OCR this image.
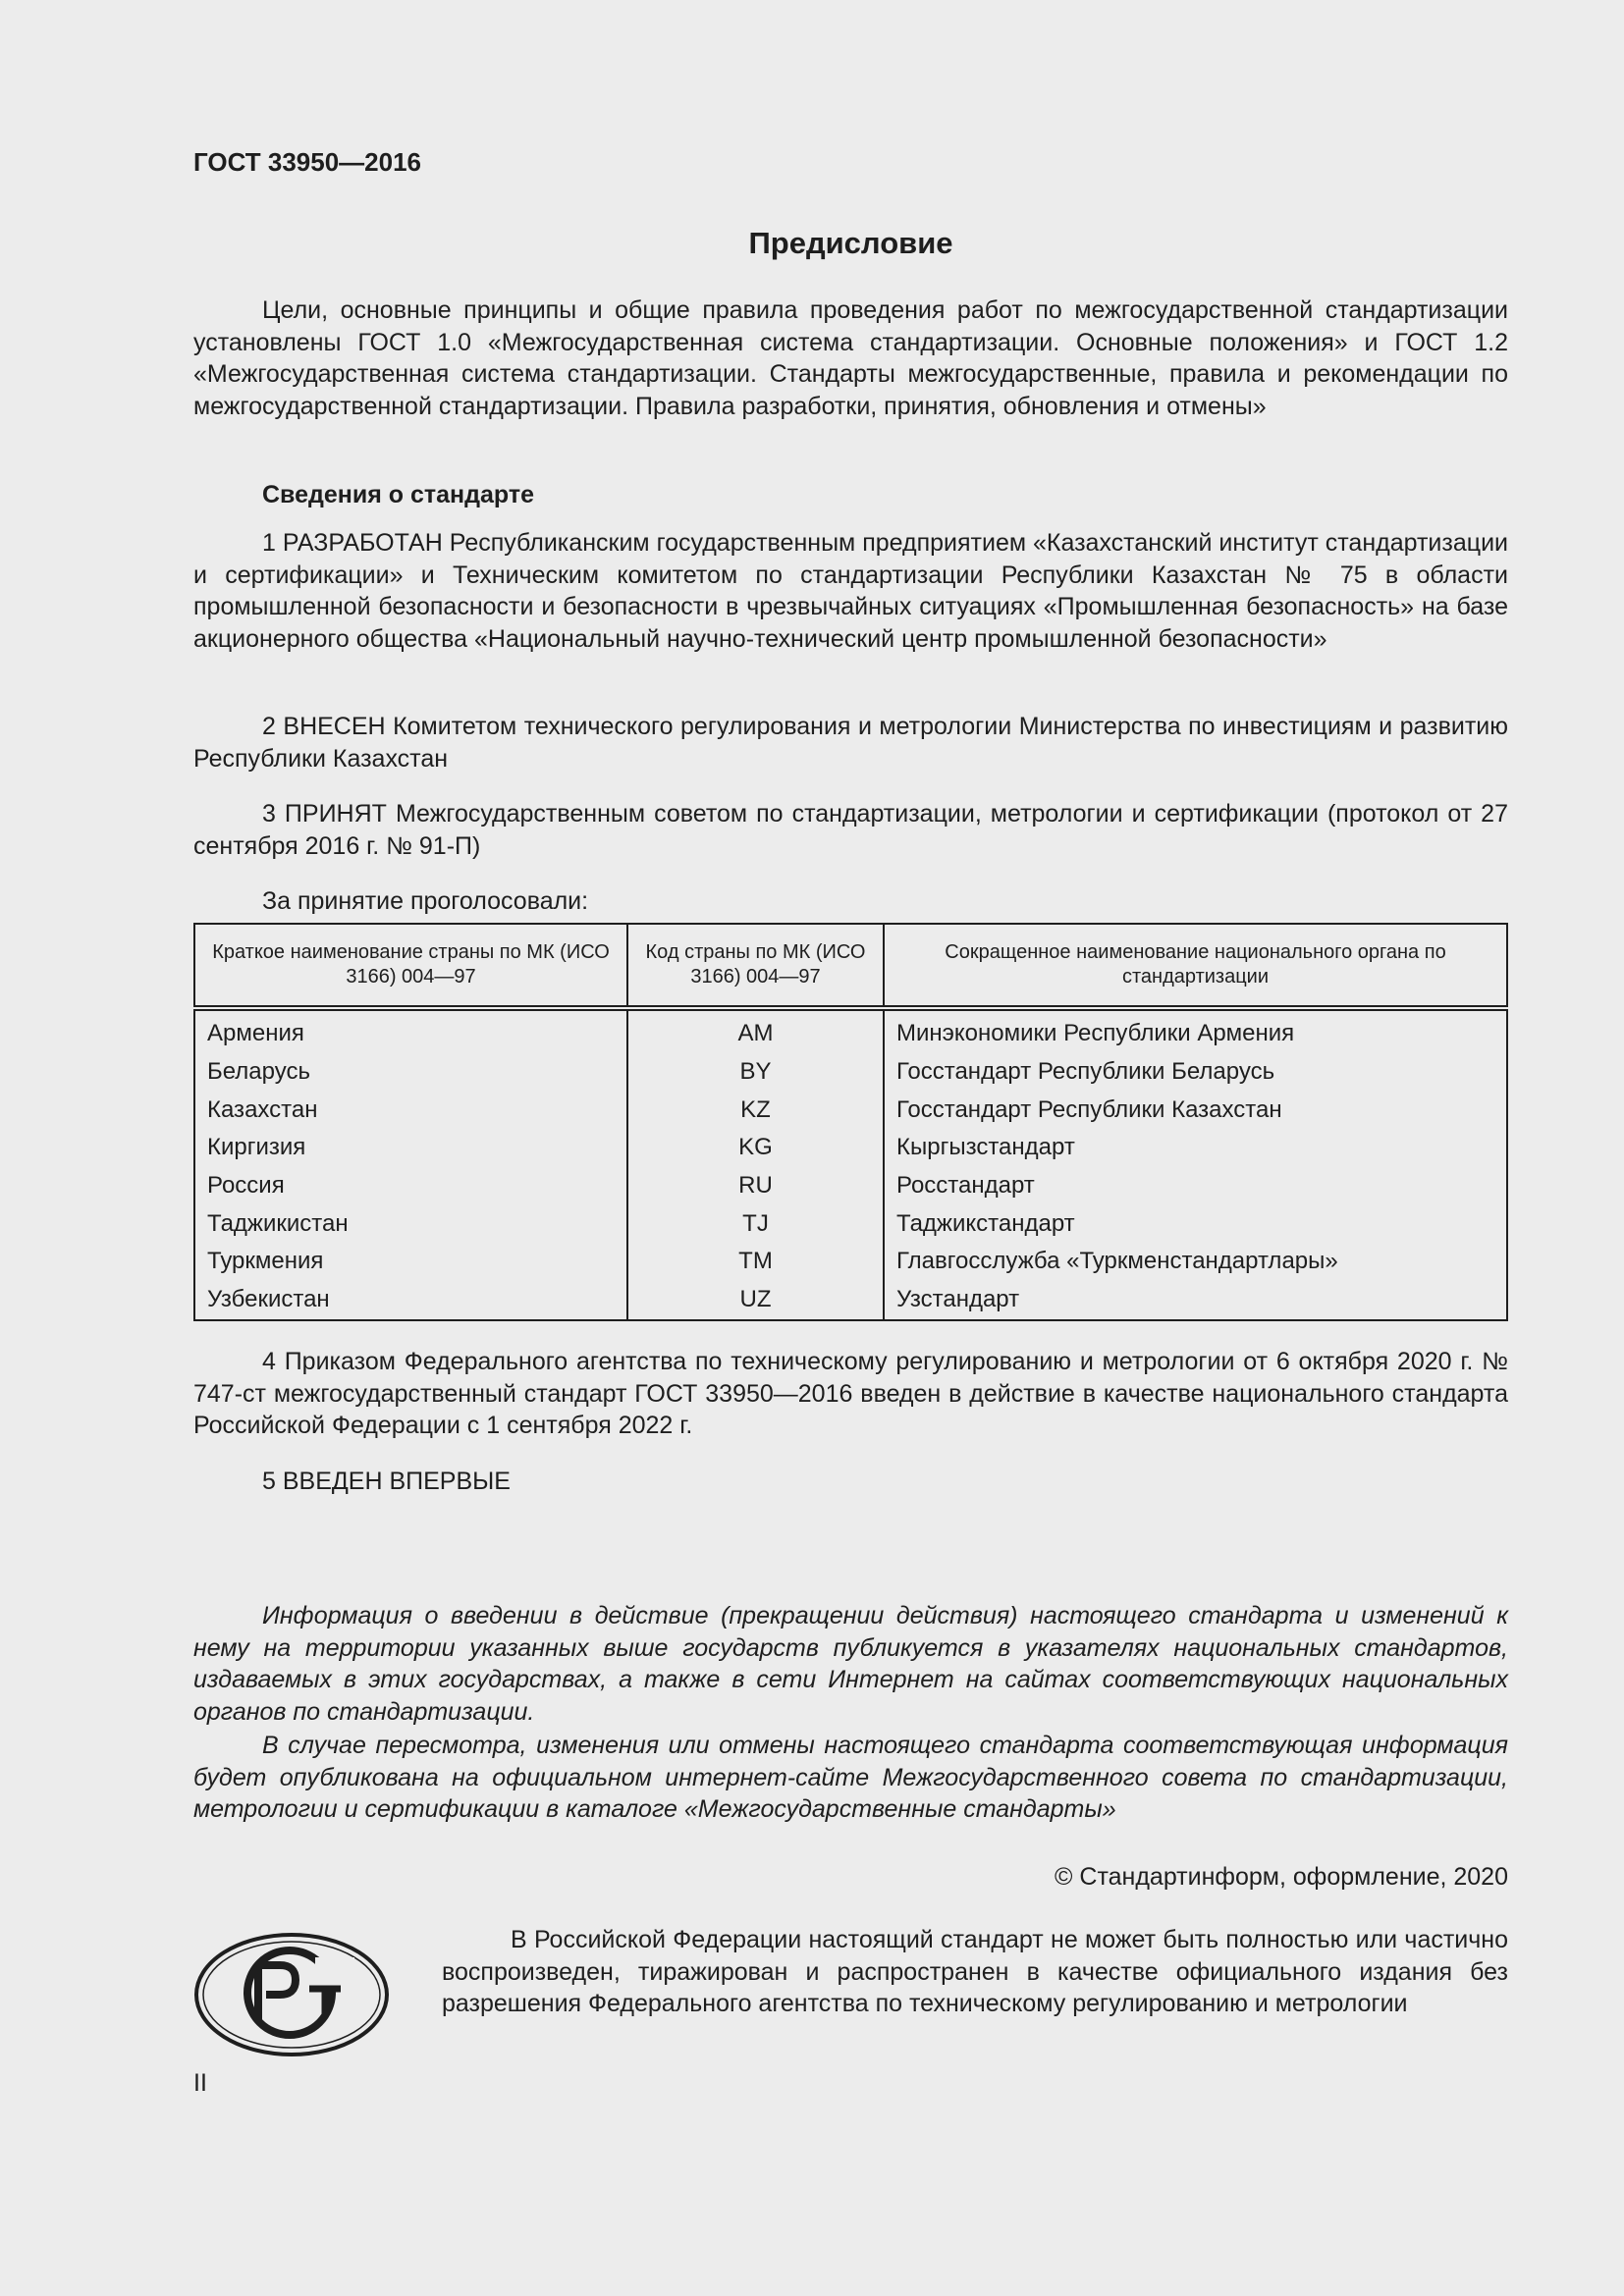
ГОСТ 33950—2016
Предисловие

Цели, основные принципы и общие правила проведения работ по межгосударственной стандартизации установлены ГОСТ 1.0 «Межгосударственная система стандартизации. Основные положения» и ГОСТ 1.2 «Межгосударственная система стандартизации. Стандарты межгосударственные, правила и рекомендации по межгосударственной стандартизации. Правила разработки, принятия, обновления и отмены»

Сведения о стандарте

1 РАЗРАБОТАН Республиканским государственным предприятием «Казахстанский институт стандартизации и сертификации» и Техническим комитетом по стандартизации Республики Казахстан № 75 в области промышленной безопасности и безопасности в чрезвычайных ситуациях «Промышленная безопасность» на базе акционерного общества «Национальный научно-технический центр промышленной безопасности»

2 ВНЕСЕН Комитетом технического регулирования и метрологии Министерства по инвестициям и развитию Республики Казахстан

3 ПРИНЯТ Межгосударственным советом по стандартизации, метрологии и сертификации (протокол от 27 сентября 2016 г. № 91-П)

За принятие проголосовали:

Краткое наименование страны по МК (ИСО 3166) 004—97	Код страны по МК (ИСО 3166) 004—97	Сокращенное наименование национального органа по стандартизации
Армения	AM	Минэкономики Республики Армения
Беларусь	BY	Госстандарт Республики Беларусь
Казахстан	KZ	Госстандарт Республики Казахстан
Киргизия	KG	Кыргызстандарт
Россия	RU	Росстандарт
Таджикистан	TJ	Таджикстандарт
Туркмения	TM	Главгосслужба «Туркменстандартлары»
Узбекистан	UZ	Узстандарт

4 Приказом Федерального агентства по техническому регулированию и метрологии от 6 октября 2020 г. № 747-ст межгосударственный стандарт ГОСТ 33950—2016 введен в действие в качестве национального стандарта Российской Федерации с 1 сентября 2022 г.

5 ВВЕДЕН ВПЕРВЫЕ

Информация о введении в действие (прекращении действия) настоящего стандарта и изменений к нему на территории указанных выше государств публикуется в указателях национальных стандартов, издаваемых в этих государствах, а также в сети Интернет на сайтах соответствующих национальных органов по стандартизации.

В случае пересмотра, изменения или отмены настоящего стандарта соответствующая информация будет опубликована на официальном интернет-сайте Межгосударственного совета по стандартизации, метрологии и сертификации в каталоге «Межгосударственные стандарты»

© Стандартинформ, оформление, 2020

В Российской Федерации настоящий стандарт не может быть полностью или частично воспроизведен, тиражирован и распространен в качестве официального издания без разрешения Федерального агентства по техническому регулированию и метрологии

II
